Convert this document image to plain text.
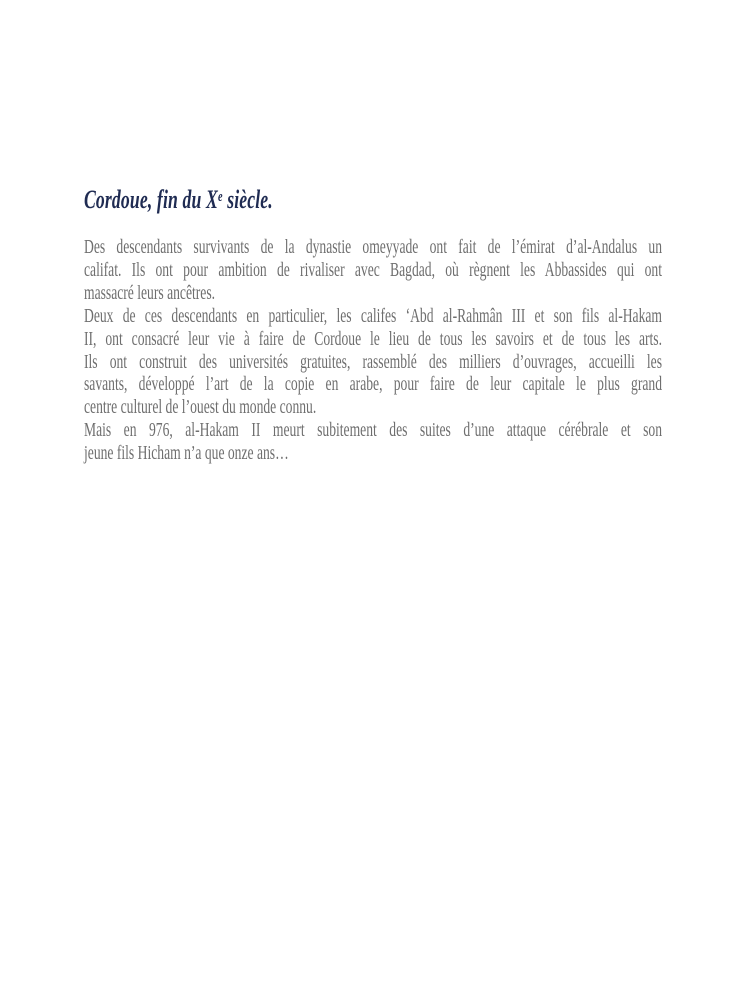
Cordoue, fin du Xe siècle.
Des descendants survivants de la dynastie omeyyade ont fait de l’émirat d’al-Andalus un
califat. Ils ont pour ambition de rivaliser avec Bagdad, où règnent les Abbassides qui ont
massacré leurs ancêtres.
Deux de ces descendants en particulier, les califes ‘Abd al-Rahmân III et son fils al-Hakam
II, ont consacré leur vie à faire de Cordoue le lieu de tous les savoirs et de tous les arts.
Ils ont construit des universités gratuites, rassemblé des milliers d’ouvrages, accueilli les
savants, développé l’art de la copie en arabe, pour faire de leur capitale le plus grand
centre culturel de l’ouest du monde connu.
Mais en 976, al-Hakam II meurt subitement des suites d’une attaque cérébrale et son
jeune fils Hicham n’a que onze ans…
